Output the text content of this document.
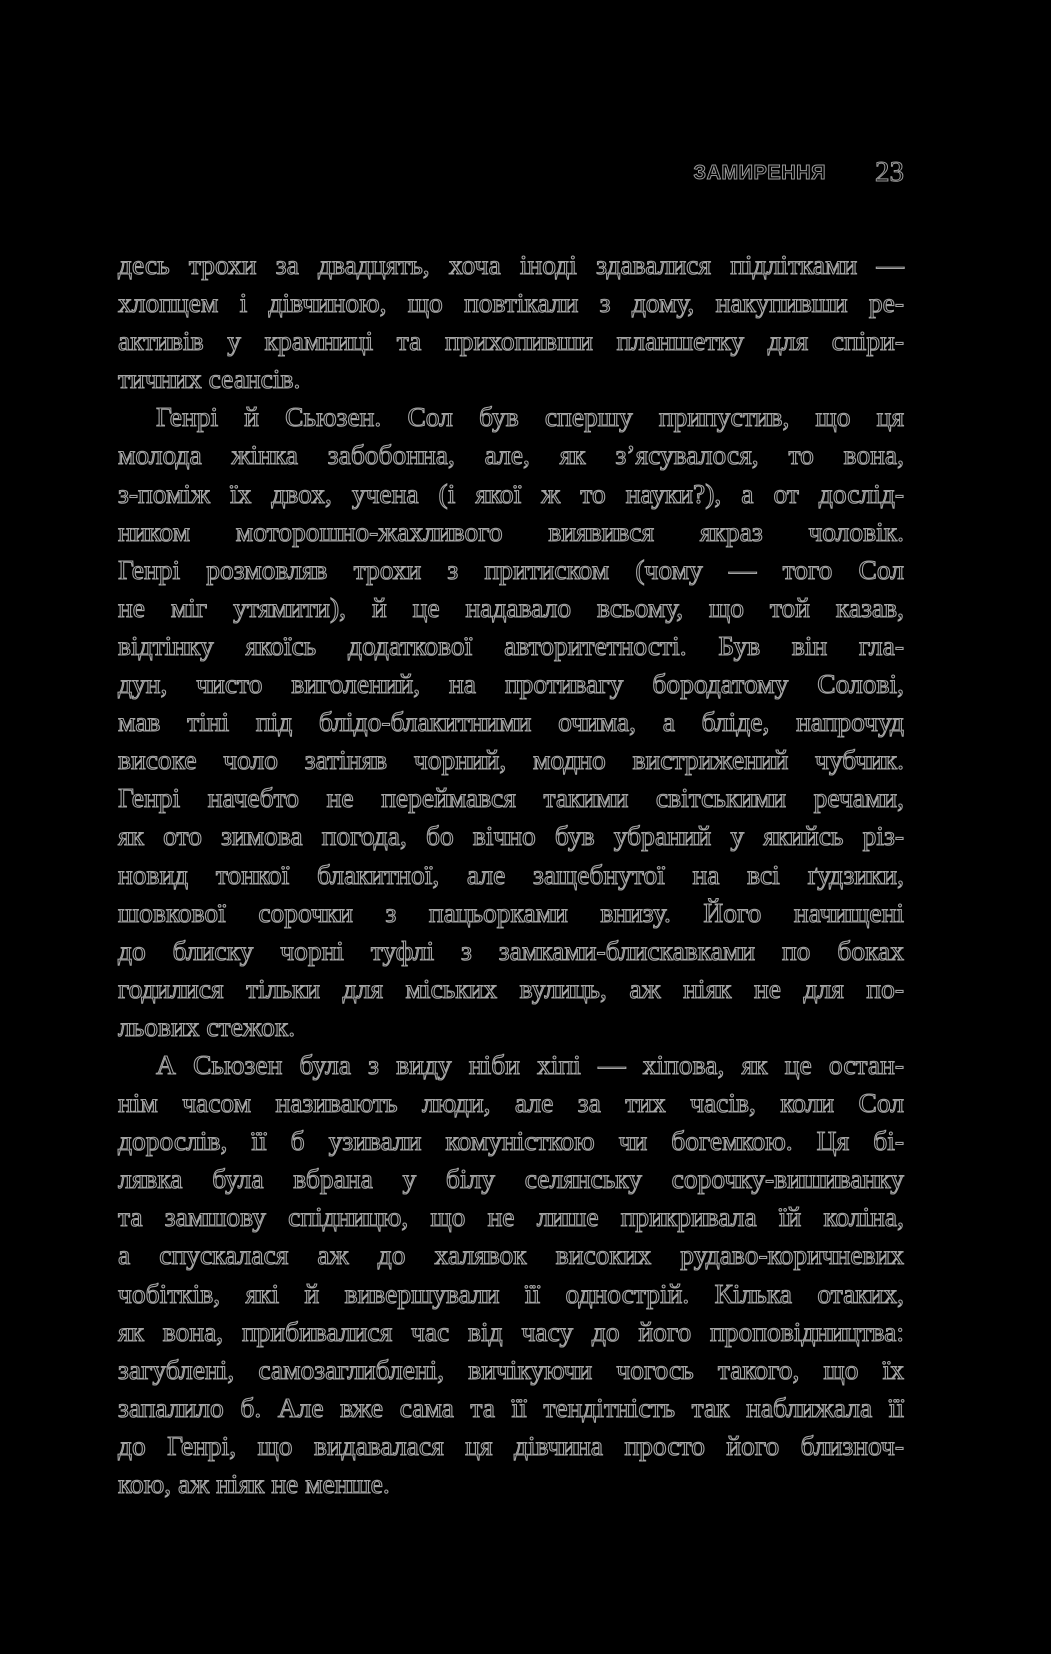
ЗАМИРЕННЯ 23
десь трохи за двадцять, хоча іноді здавалися підлітками —
хлопцем і дівчиною, що повтікали з дому, накупивши ре-
активів у крамниці та прихопивши планшетку для спіри-
тичних сеансів.
Генрі й Сьюзен. Сол був спершу припустив, що ця
молода жінка забобонна, але, як з’ясувалося, то вона,
з-поміж їх двох, учена (і якої ж то науки?), а от дослід-
ником моторошно-жахливого виявився якраз чоловік.
Генрі розмовляв трохи з притиском (чому — того Сол
не міг утямити), й це надавало всьому, що той казав,
відтінку якоїсь додаткової авторитетності. Був він гла-
дун, чисто виголений, на противагу бородатому Солові,
мав тіні під блідо-блакитними очима, а бліде, напрочуд
високе чоло затіняв чорний, модно вистрижений чубчик.
Генрі начебто не переймався такими світськими речами,
як ото зимова погода, бо вічно був убраний у якийсь різ-
новид тонкої блакитної, але защебнутої на всі ґудзики,
шовкової сорочки з пацьорками внизу. Його начищені
до блиску чорні туфлі з замками-блискавками по боках
годилися тільки для міських вулиць, аж ніяк не для по-
льових стежок.
А Сьюзен була з виду ніби хіпі — хіпова, як це остан-
нім часом називають люди, але за тих часів, коли Сол
дорослів, її б узивали комуністкою чи богемкою. Ця бі-
лявка була вбрана у білу селянську сорочку-вишиванку
та замшову спідницю, що не лише прикривала їй коліна,
а спускалася аж до халявок високих рудаво-коричневих
чобітків, які й вивершували її однострій. Кілька отаких,
як вона, прибивалися час від часу до його проповідництва:
загублені, самозаглиблені, вичікуючи чогось такого, що їх
запалило б. Але вже сама та її тендітність так наближала її
до Генрі, що видавалася ця дівчина просто його близноч-
кою, аж ніяк не менше.
